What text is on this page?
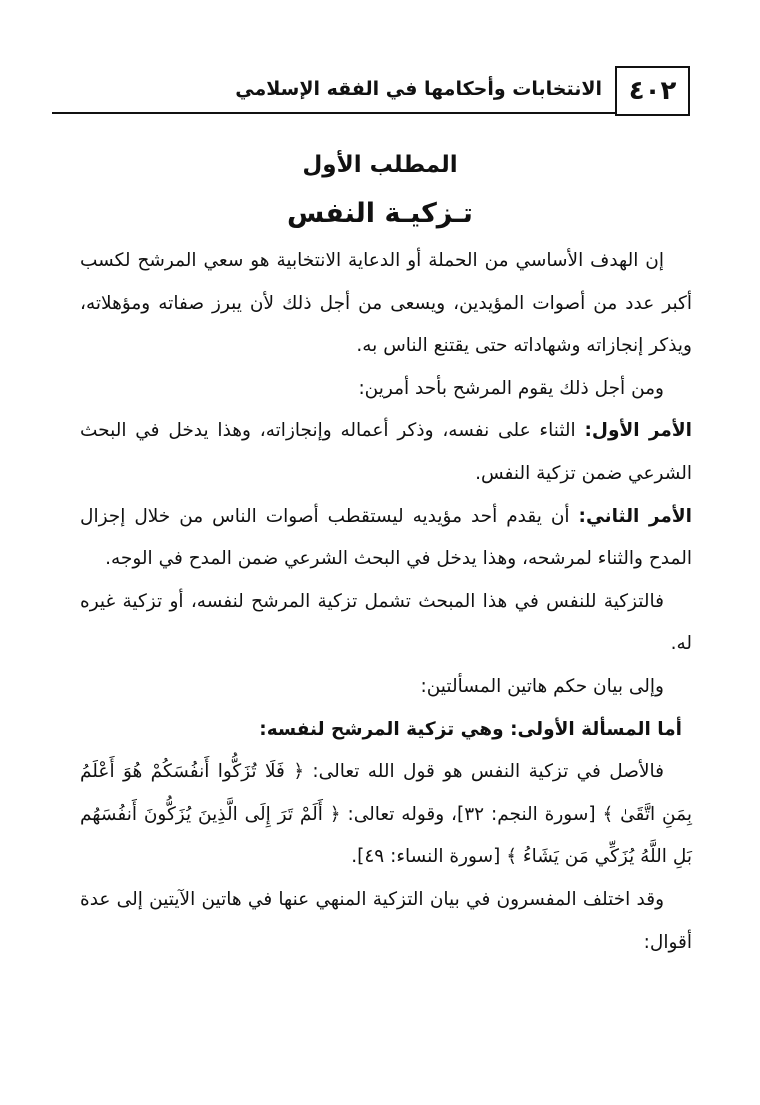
٤٠٢
الانتخابات وأحكامها في الفقه الإسلامي
المطلب الأول
تـزكيـة النفس

إن الهدف الأساسي من الحملة أو الدعاية الانتخابية هو سعي المرشح لكسب أكبر عدد من أصوات المؤيدين، ويسعى من أجل ذلك لأن يبرز صفاته ومؤهلاته، ويذكر إنجازاته وشهاداته حتى يقتنع الناس به.

ومن أجل ذلك يقوم المرشح بأحد أمرين:

الأمر الأول: الثناء على نفسه، وذكر أعماله وإنجازاته، وهذا يدخل في البحث الشرعي ضمن تزكية النفس.

الأمر الثاني: أن يقدم أحد مؤيديه ليستقطب أصوات الناس من خلال إجزال المدح والثناء لمرشحه، وهذا يدخل في البحث الشرعي ضمن المدح في الوجه.

فالتزكية للنفس في هذا المبحث تشمل تزكية المرشح لنفسه، أو تزكية غيره له.

وإلى بيان حكم هاتين المسألتين:

أما المسألة الأولى: وهي تزكية المرشح لنفسه:

فالأصل في تزكية النفس هو قول الله تعالى: ﴿ فَلَا تُزَكُّوا أَنفُسَكُمْ هُوَ أَعْلَمُ بِمَنِ اتَّقَىٰ ﴾ [سورة النجم: ٣٢]، وقوله تعالى: ﴿ أَلَمْ تَرَ إِلَى الَّذِينَ يُزَكُّونَ أَنفُسَهُم بَلِ اللَّهُ يُزَكِّي مَن يَشَاءُ ﴾ [سورة النساء: ٤٩].

وقد اختلف المفسرون في بيان التزكية المنهي عنها في هاتين الآيتين إلى عدة أقوال:
